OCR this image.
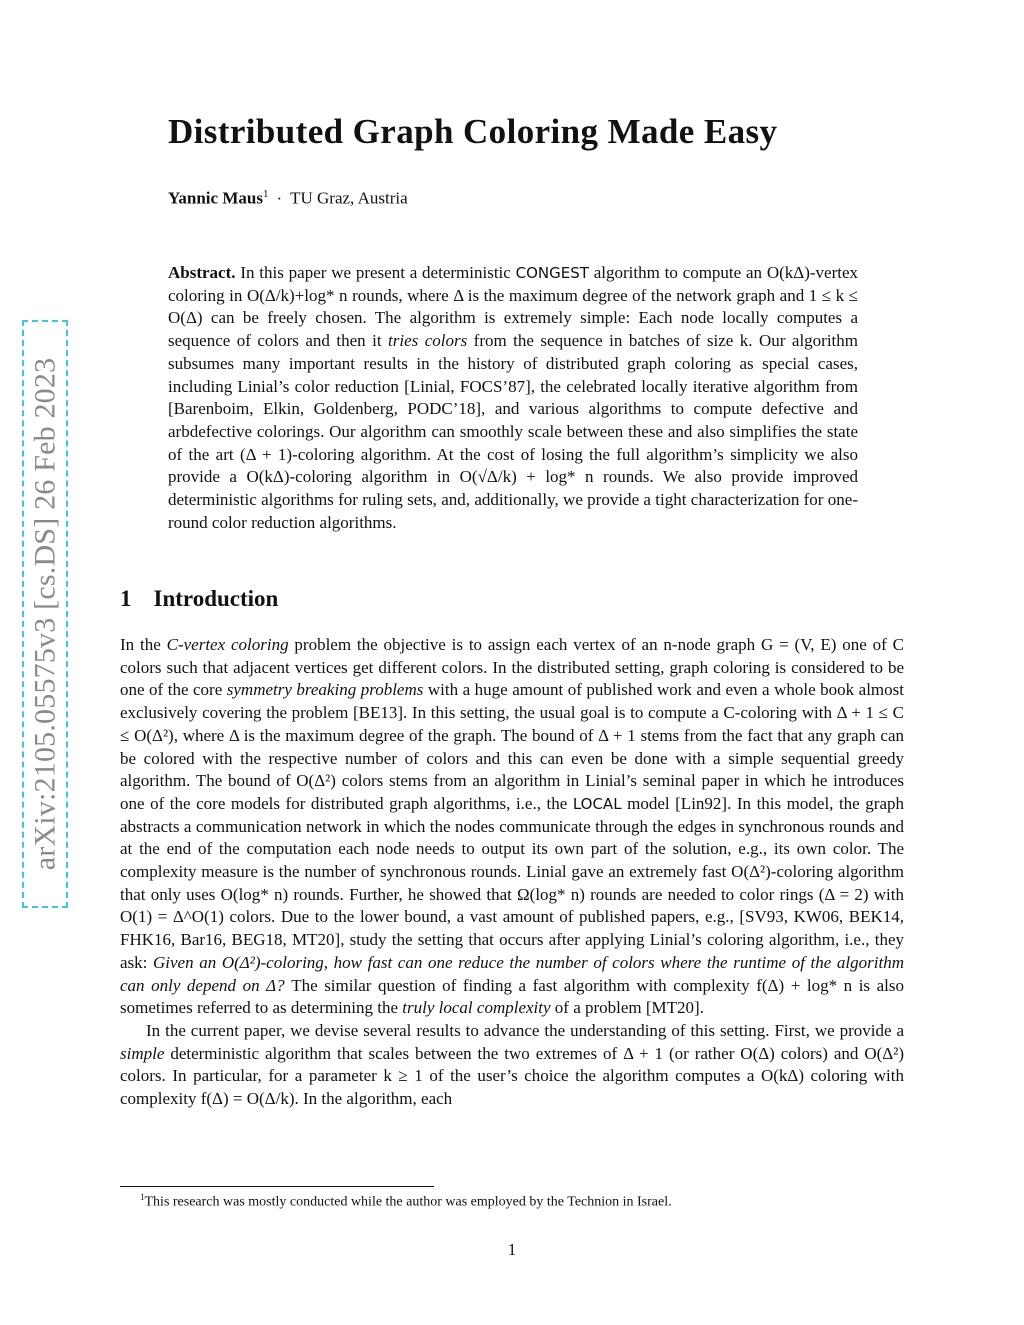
arXiv:2105.05575v3 [cs.DS] 26 Feb 2023
Distributed Graph Coloring Made Easy
Yannic Maus$^1$ · TU Graz, Austria

Abstract. In this paper we present a deterministic CONGEST algorithm to compute an O(kΔ)-vertex coloring in O(Δ/k)+log* n rounds, where Δ is the maximum degree of the network graph and 1 ≤ k ≤ O(Δ) can be freely chosen. The algorithm is extremely simple: Each node locally computes a sequence of colors and then it tries colors from the sequence in batches of size k. Our algorithm subsumes many important results in the history of distributed graph coloring as special cases, including Linial’s color reduction [Linial, FOCS’87], the celebrated locally iterative algorithm from [Barenboim, Elkin, Goldenberg, PODC’18], and various algorithms to compute defective and arbdefective colorings. Our algorithm can smoothly scale between these and also simplifies the state of the art (Δ + 1)-coloring algorithm. At the cost of losing the full algorithm’s simplicity we also provide a O(kΔ)-coloring algorithm in O(√Δ/k) + log* n rounds. We also provide improved deterministic algorithms for ruling sets, and, additionally, we provide a tight characterization for one-round color reduction algorithms.

1 Introduction

In the C-vertex coloring problem the objective is to assign each vertex of an n-node graph G = (V, E) one of C colors such that adjacent vertices get different colors. In the distributed setting, graph coloring is considered to be one of the core symmetry breaking problems with a huge amount of published work and even a whole book almost exclusively covering the problem [BE13]. In this setting, the usual goal is to compute a C-coloring with Δ + 1 ≤ C ≤ O(Δ²), where Δ is the maximum degree of the graph. The bound of Δ + 1 stems from the fact that any graph can be colored with the respective number of colors and this can even be done with a simple sequential greedy algorithm. The bound of O(Δ²) colors stems from an algorithm in Linial’s seminal paper in which he introduces one of the core models for distributed graph algorithms, i.e., the LOCAL model [Lin92]. In this model, the graph abstracts a communication network in which the nodes communicate through the edges in synchronous rounds and at the end of the computation each node needs to output its own part of the solution, e.g., its own color. The complexity measure is the number of synchronous rounds. Linial gave an extremely fast O(Δ²)-coloring algorithm that only uses O(log* n) rounds. Further, he showed that Ω(log* n) rounds are needed to color rings (Δ = 2) with O(1) = Δ^O(1) colors. Due to the lower bound, a vast amount of published papers, e.g., [SV93, KW06, BEK14, FHK16, Bar16, BEG18, MT20], study the setting that occurs after applying Linial’s coloring algorithm, i.e., they ask: Given an O(Δ²)-coloring, how fast can one reduce the number of colors where the runtime of the algorithm can only depend on Δ? The similar question of finding a fast algorithm with complexity f(Δ) + log* n is also sometimes referred to as determining the truly local complexity of a problem [MT20].

In the current paper, we devise several results to advance the understanding of this setting. First, we provide a simple deterministic algorithm that scales between the two extremes of Δ + 1 (or rather O(Δ) colors) and O(Δ²) colors. In particular, for a parameter k ≥ 1 of the user’s choice the algorithm computes a O(kΔ) coloring with complexity f(Δ) = O(Δ/k). In the algorithm, each

$^1$This research was mostly conducted while the author was employed by the Technion in Israel.
1
